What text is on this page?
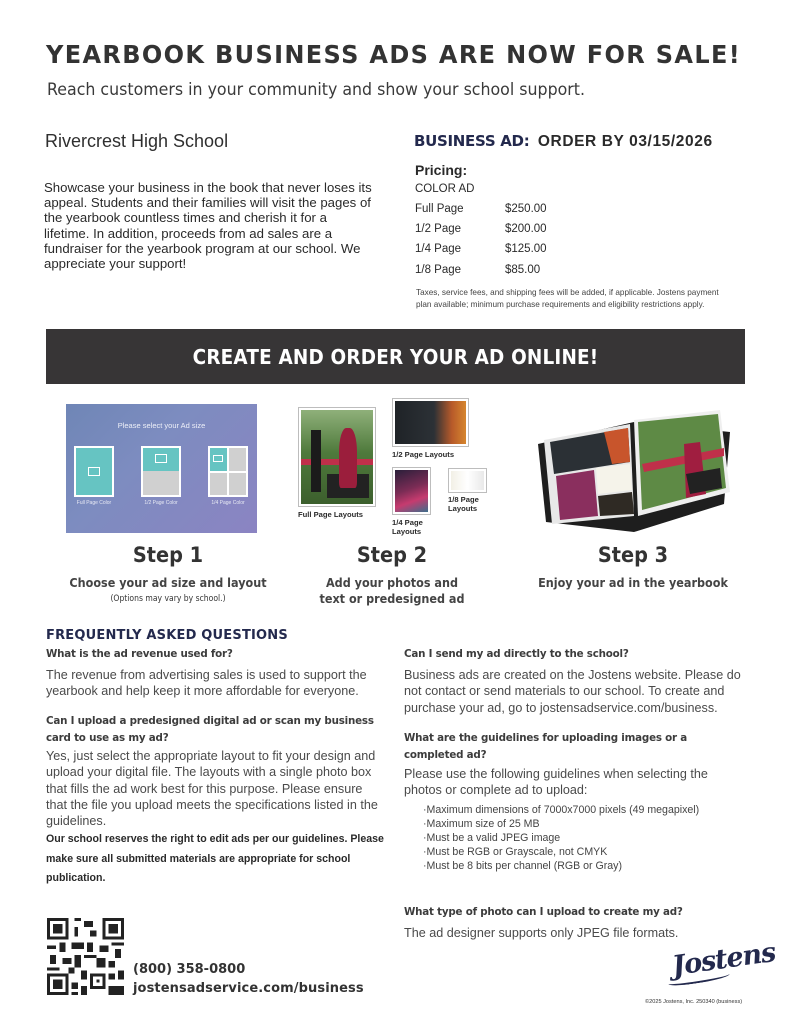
YEARBOOK BUSINESS ADS ARE NOW FOR SALE!
Reach customers in your community and show your school support.
Rivercrest High School
Showcase your business in the book that never loses its appeal. Students and their families will visit the pages of the yearbook countless times and cherish it for a lifetime. In addition, proceeds from ad sales are a fundraiser for the yearbook program at our school. We appreciate your support!
BUSINESS AD: ORDER BY 03/15/2026
Pricing:
COLOR AD
Full Page	$250.00
1/2 Page	$200.00
1/4 Page	$125.00
1/8 Page	$85.00
Taxes, service fees, and shipping fees will be added, if applicable. Jostens payment plan available; minimum purchase requirements and eligibility restrictions apply.
CREATE AND ORDER YOUR AD ONLINE!
Please select your Ad size
Full Page Color	1/2 Page Color	1/4 Page Color
Full Page Layouts
1/2 Page Layouts
1/4 Page
Layouts
1/8 Page
Layouts
Step 1
Choose your ad size and layout
(Options may vary by school.)
Step 2
Add your photos and
text or predesigned ad
Step 3
Enjoy your ad in the yearbook
FREQUENTLY ASKED QUESTIONS
What is the ad revenue used for?
The revenue from advertising sales is used to support the yearbook and help keep it more affordable for everyone.
Can I upload a predesigned digital ad or scan my business card to use as my ad?
Yes, just select the appropriate layout to fit your design and upload your digital file. The layouts with a single photo box that fills the ad work best for this purpose. Please ensure that the file you upload meets the specifications listed in the guidelines.
Our school reserves the right to edit ads per our guidelines. Please make sure all submitted materials are appropriate for school publication.
Can I send my ad directly to the school?
Business ads are created on the Jostens website. Please do not contact or send materials to our school. To create and purchase your ad, go to jostensadservice.com/business.
What are the guidelines for uploading images or a completed ad?
Please use the following guidelines when selecting the photos or complete ad to upload:
· Maximum dimensions of 7000x7000 pixels (49 megapixel)
· Maximum size of 25 MB
· Must be a valid JPEG image
· Must be RGB or Grayscale, not CMYK
· Must be 8 bits per channel (RGB or Gray)
What type of photo can I upload to create my ad?
The ad designer supports only JPEG file formats.
(800) 358-0800
jostensadservice.com/business
Jostens
©2025 Jostens, Inc. 250340 (business)
